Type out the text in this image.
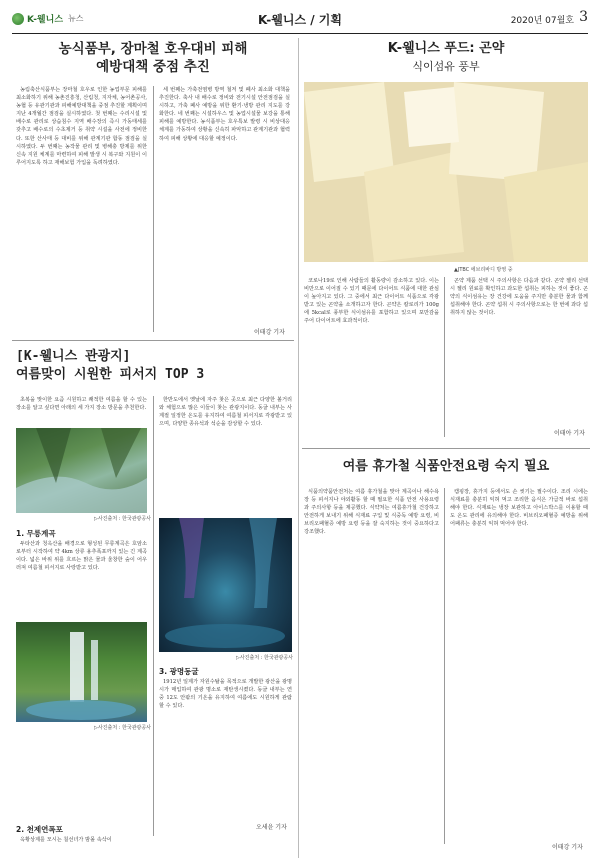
K-웰니스 뉴스	K-웰니스 / 기획	2020년 07월호 3
농식품부, 장마철 호우대비 피해
예방대책 중점 추진

농림축산식품부는 장마철 호우로 인한 농업부문 피해를 최소화하기 위해 농촌진흥청, 산림청, 지자체, 농어촌공사, 농협 등 유관기관과 피해예방대책을 중점 추진할 계획이며 지난 4개월간 점검을 실시하였다. 첫 번째는 수리시설 및 배수로 관리로 상습침수 지역 배수장의 즉시 가동태세를 갖추고 배수로의 수초제거 등 취약 시설을 사전에 정비한다. 또한 산사태 등 대비를 위해 관계기관 합동 점검을 실시하였다. 두 번째는 농작물 관리 및 병해충 방제를 위한 신속 지원 체계를 마련하여 피해 발생 시 복구와 지원이 이루어지도록 하고 재해보험 가입을 독려하였다.

세 번째는 가축전염병 방역 철저 및 폐사 최소화 대책을 추진한다. 축사 내 배수로 정비와 전기시설 안전점검을 실시하고, 가축 폐사 예방을 위한 환기·냉방 관리 지도를 강화한다. 네 번째는 시설하우스 및 농업시설물 보강을 통해 피해를 예방한다. 농식품부는 호우특보 발령 시 비상대응 체계를 가동하여 상황을 신속히 파악하고 관계기관과 협력하여 피해 상황에 대응할 예정이다.

이태강 기자
[K-웰니스 관광지]
여름맞이 시원한 피서지 TOP 3

초복을 맞이한 요즘 시원하고 쾌적한 여름을 할 수 있는 장소를 알고 싶다면 아래의 세 가지 장소 방문을 추천한다.

▷사진출처 : 한국관광공사
1. 무릉계곡

두타산과 청옥산을 배경으로 형성된 무릉계곡은 호암소로부터 시작하여 약 4km 상류 용추폭포까지 있는 긴 계곡이다. 넓은 바위 위를 흐르는 맑은 물과 울창한 숲이 어우러져 여름철 피서지로 사랑받고 있다.

▷사진출처 : 한국관광공사
2. 천제연폭포

옥황상제를 모시는 칠선녀가 밤몰 속삭이

한반도에서 옛날에 자주 찾은 곳으로 최근 다양한 볼거리와 체험으로 많은 이들이 찾는 관광지이다. 동굴 내부는 사계절 일정한 온도를 유지하여 여름철 피서지로 각광받고 있으며, 다양한 종유석과 석순을 감상할 수 있다.

▷사진출처 : 한국관광공사
3. 광명동굴

1912년 일제가 자원수탈을 목적으로 개발한 광산을 광명시가 매입하여 관광 명소로 재탄생시켰다. 동굴 내부는 연중 12도 안팎의 기온을 유지하여 여름에도 시원하게 관람할 수 있다.

오세윤 기자
K-웰니스 푸드: 곤약
식이섬유 풍부
▲JTBC 에브리바디 방영 중

코로나19로 인해 사람들의 활동량이 감소하고 있다. 이는 비만으로 이어질 수 있기 때문에 다이어트 식품에 대한 관심이 높아지고 있다. 그 중에서 최근 다이어트 식품으로 각광받고 있는 곤약을 소개하고자 한다. 곤약은 칼로리가 100g에 5kcal로 풍부한 식이섬유를 포함하고 있으며 포만감을 주어 다이어트에 효과적이다.

곤약 제품 선택 시 주의사항은 다음과 같다. 곤약 젤리 선택 시 젤리 원료를 확인하고 과도한 섭취는 피하는 것이 좋다. 곤약의 식이섬유는 장 건강에 도움을 주지만 충분한 물과 함께 섭취해야 한다. 곤약 섭취 시 주의사항으로는 한 번에 과다 섭취하지 않는 것이다.

이태아 기자
여름 휴가철 식품안전요령 숙지 필요

식품의약품안전처는 여름 휴가철을 맞아 계곡이나 해수욕장 등 피서지나 야외활동 할 때 필요한 식품 안전 사용요령과 주의사항 등을 제공했다. 식약처는 여름휴가철 건강하고 안전하게 보내기 위해 식재료 구입 및 식중독 예방 요령, 비브리오패혈증 예방 요령 등을 잘 숙지하는 것이 중요하다고 강조했다.

캠핑장, 휴가지 등에서도 손 씻기는 필수이다. 조리 시에는 식재료를 충분히 익혀 먹고 조리한 음식은 가급적 바로 섭취해야 한다. 식재료는 냉장 보관하고 아이스박스를 이용할 때도 온도 관리에 유의해야 한다. 비브리오패혈증 예방을 위해 어패류는 충분히 익혀 먹어야 한다.

이태강 기자
